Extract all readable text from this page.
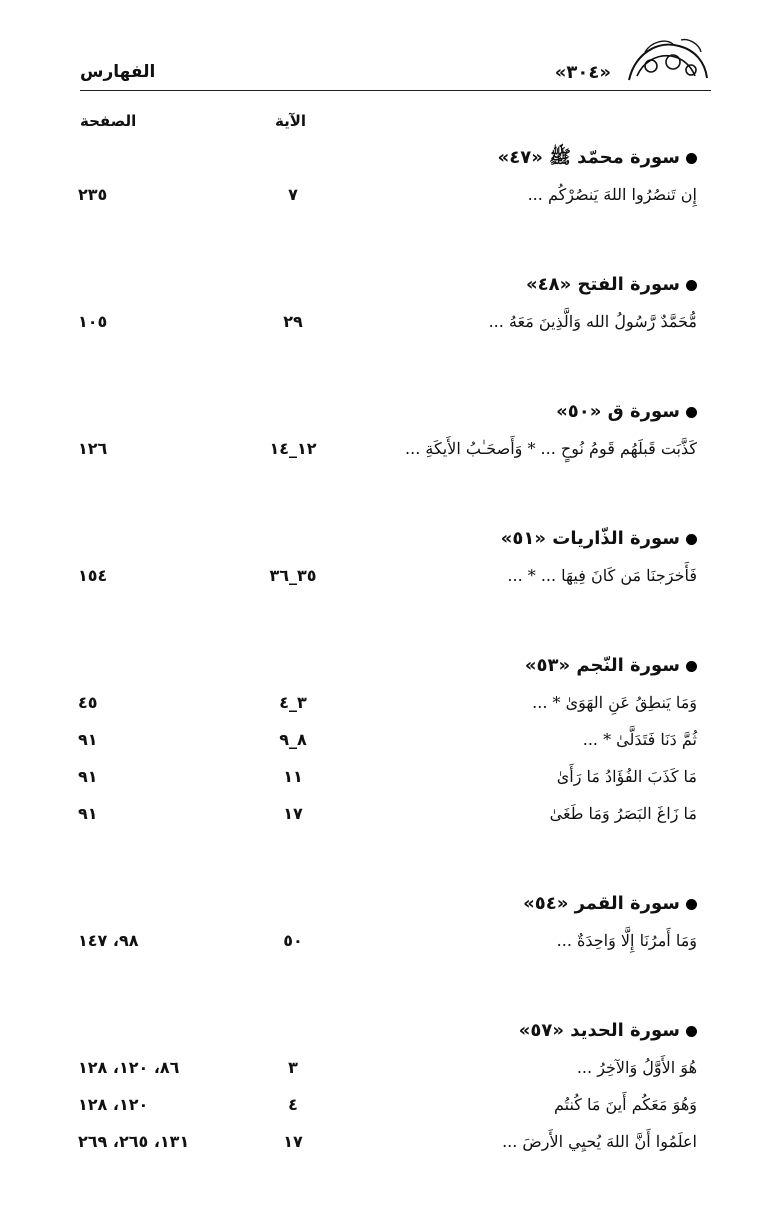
الفهارس	«٣٠٤»
الصفحة	الآية
سورة محمّد ﷺ «٤٧»
إِن تَنصُرُوا اللهَ يَنصُرْكُم ...
٧
٢٣٥
سورة الفتح «٤٨»
مُّحَمَّدٌ رَّسُولُ الله وَالَّذِينَ مَعَهُ ...
٢٩
١٠٥
سورة ق «٥٠»
كَذَّبَت قَبلَهُم قَومُ نُوحٍ ... * وَأَصحَـٰبُ الأَيكَةِ ...
١٢_١٤
١٢٦
سورة الذّاريات «٥١»
فَأَخرَجنَا مَن كَانَ فِيهَا ... * ...
٣٥_٣٦
١٥٤
سورة النّجم «٥٣»
وَمَا يَنطِقُ عَنِ الهَوَىٰ * ...
٣_٤
٤٥
ثُمَّ دَنَا فَتَدَلَّىٰ * ...
٨_٩
٩١
مَا كَذَبَ الفُؤَادُ مَا رَأَىٰ
١١
٩١
مَا زَاغَ البَصَرُ وَمَا طَغَىٰ
١٧
٩١
سورة القمر «٥٤»
وَمَا أَمرُنَا إِلَّا وَاحِدَةٌ ...
٥٠
٩٨، ١٤٧
سورة الحديد «٥٧»
هُوَ الأَوَّلُ وَالآخِرُ ...
٣
٨٦، ١٢٠، ١٢٨
وَهُوَ مَعَكُم أَينَ مَا كُنتُم
٤
١٢٠، ١٢٨
اعلَمُوا أَنَّ اللهَ يُحيِي الأَرضَ ...
١٧
١٣١، ٢٦٥، ٢٦٩
